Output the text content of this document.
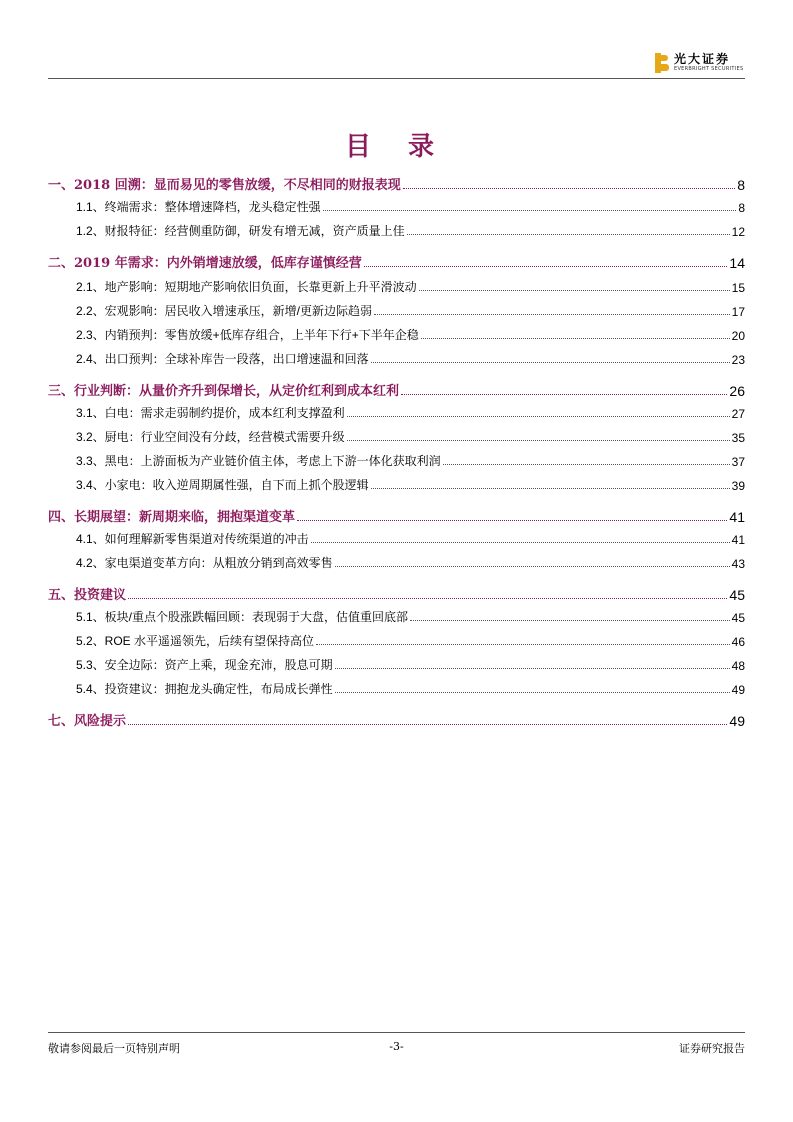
光大证券
EVERBRIGHT SECURITIES
目 录
一、2018 回溯：显而易见的零售放缓，不尽相同的财报表现	8
1.1、终端需求：整体增速降档，龙头稳定性强	8
1.2、财报特征：经营侧重防御，研发有增无减，资产质量上佳	12
二、2019 年需求：内外销增速放缓，低库存谨慎经营	14
2.1、地产影响：短期地产影响依旧负面，长靠更新上升平滑波动	15
2.2、宏观影响：居民收入增速承压，新增/更新边际趋弱	17
2.3、内销预判：零售放缓+低库存组合，上半年下行+下半年企稳	20
2.4、出口预判：全球补库告一段落，出口增速温和回落	23
三、行业判断：从量价齐升到保增长，从定价红利到成本红利	26
3.1、白电：需求走弱制约提价，成本红利支撑盈利	27
3.2、厨电：行业空间没有分歧，经营模式需要升级	35
3.3、黑电：上游面板为产业链价值主体，考虑上下游一体化获取利润	37
3.4、小家电：收入逆周期属性强，自下而上抓个股逻辑	39
四、长期展望：新周期来临，拥抱渠道变革	41
4.1、如何理解新零售渠道对传统渠道的冲击	41
4.2、家电渠道变革方向：从粗放分销到高效零售	43
五、投资建议	45
5.1、板块/重点个股涨跌幅回顾：表现弱于大盘，估值重回底部	45
5.2、ROE 水平遥遥领先，后续有望保持高位	46
5.3、安全边际：资产上乘，现金充沛，股息可期	48
5.4、投资建议：拥抱龙头确定性，布局成长弹性	49
七、风险提示	49
敬请参阅最后一页特别声明	-3-	证券研究报告
